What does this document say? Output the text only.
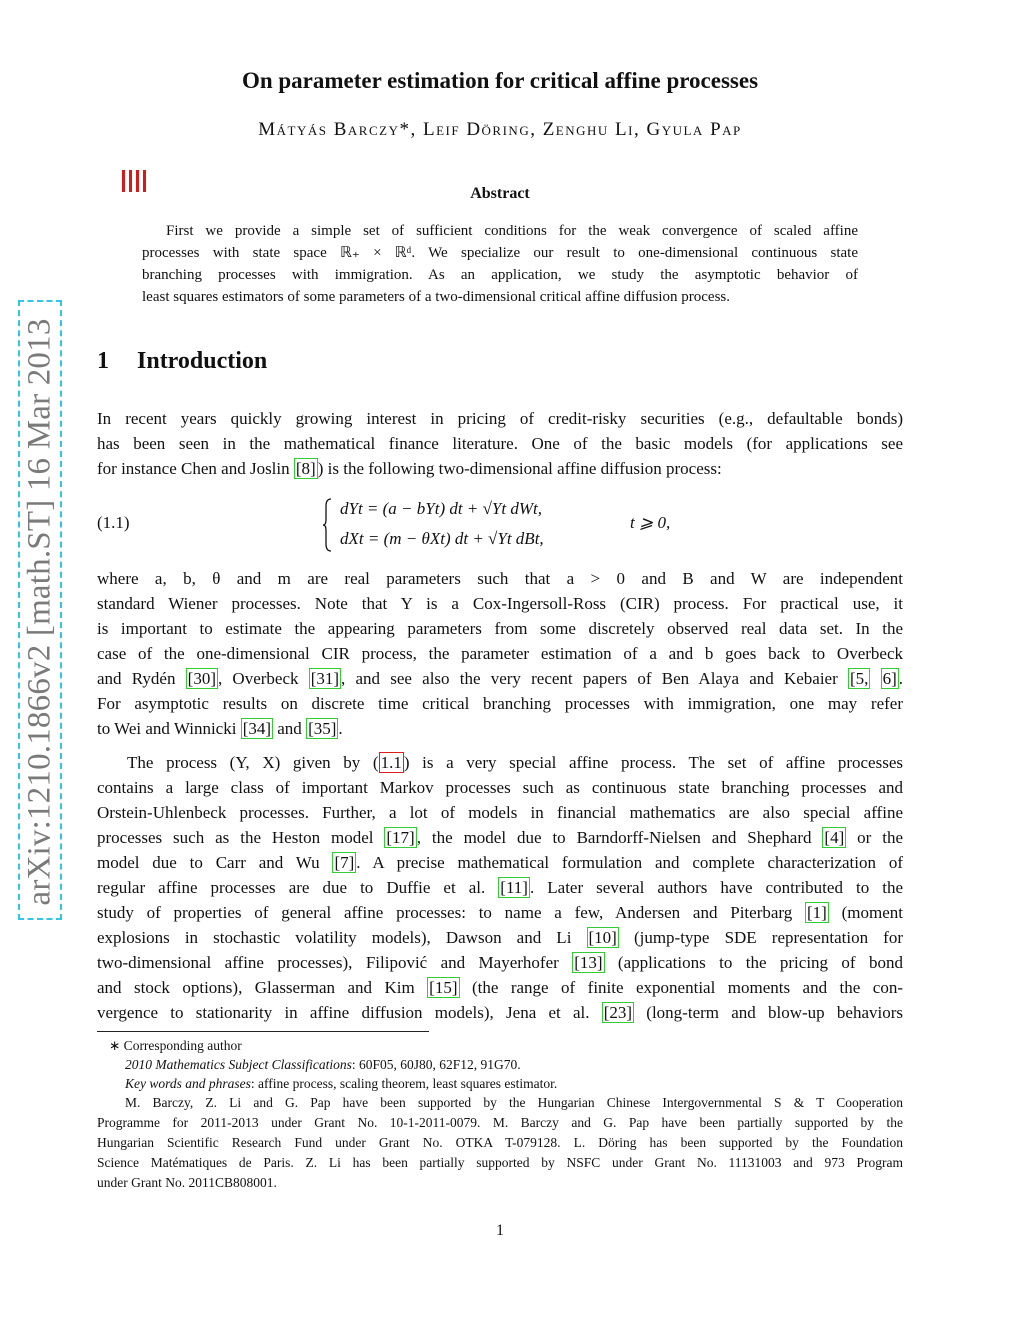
arXiv:1210.1866v2 [math.ST] 16 Mar 2013
On parameter estimation for critical affine processes
Mátyás Barczy*, Leif Döring, Zenghu Li, Gyula Pap
Abstract
First we provide a simple set of sufficient conditions for the weak convergence of scaled affine
processes with state space ℝ₊ × ℝᵈ. We specialize our result to one-dimensional continuous state
branching processes with immigration. As an application, we study the asymptotic behavior of
least squares estimators of some parameters of a two-dimensional critical affine diffusion process.
1 Introduction
In recent years quickly growing interest in pricing of credit-risky securities (e.g., defaultable bonds)
has been seen in the mathematical finance literature. One of the basic models (for applications see
for instance Chen and Joslin [8] ) is the following two-dimensional affine diffusion process:
(1.1)
dYt = (a − bYt) dt + √Yt dWt,
dXt = (m − θXt) dt + √Yt dBt,
t ⩾ 0,
where a, b, θ and m are real parameters such that a > 0 and B and W are independent
standard Wiener processes. Note that Y is a Cox-Ingersoll-Ross (CIR) process. For practical use, it
is important to estimate the appearing parameters from some discretely observed real data set. In the
case of the one-dimensional CIR process, the parameter estimation of a and b goes back to Overbeck
and Rydén [30] , Overbeck [31] , and see also the very recent papers of Ben Alaya and Kebaier [5, 6] .
For asymptotic results on discrete time critical branching processes with immigration, one may refer
to Wei and Winnicki [34] and [35] .
The process (Y, X) given by ( 1.1 ) is a very special affine process. The set of affine processes
contains a large class of important Markov processes such as continuous state branching processes and
Orstein-Uhlenbeck processes. Further, a lot of models in financial mathematics are also special affine
processes such as the Heston model [17] , the model due to Barndorff-Nielsen and Shephard [4] or the
model due to Carr and Wu [7] . A precise mathematical formulation and complete characterization of
regular affine processes are due to Duffie et al. [11] . Later several authors have contributed to the
study of properties of general affine processes: to name a few, Andersen and Piterbarg [1] (moment
explosions in stochastic volatility models), Dawson and Li [10] (jump-type SDE representation for
two-dimensional affine processes), Filipović and Mayerhofer [13] (applications to the pricing of bond
and stock options), Glasserman and Kim [15] (the range of finite exponential moments and the con-
vergence to stationarity in affine diffusion models), Jena et al. [23] (long-term and blow-up behaviors
∗ Corresponding author
2010 Mathematics Subject Classifications: 60F05, 60J80, 62F12, 91G70.
Key words and phrases: affine process, scaling theorem, least squares estimator.
M. Barczy, Z. Li and G. Pap have been supported by the Hungarian Chinese Intergovernmental S & T Cooperation
Programme for 2011-2013 under Grant No. 10-1-2011-0079. M. Barczy and G. Pap have been partially supported by the
Hungarian Scientific Research Fund under Grant No. OTKA T-079128. L. Döring has been supported by the Foundation
Science Matématiques de Paris. Z. Li has been partially supported by NSFC under Grant No. 11131003 and 973 Program
under Grant No. 2011CB808001.
1
